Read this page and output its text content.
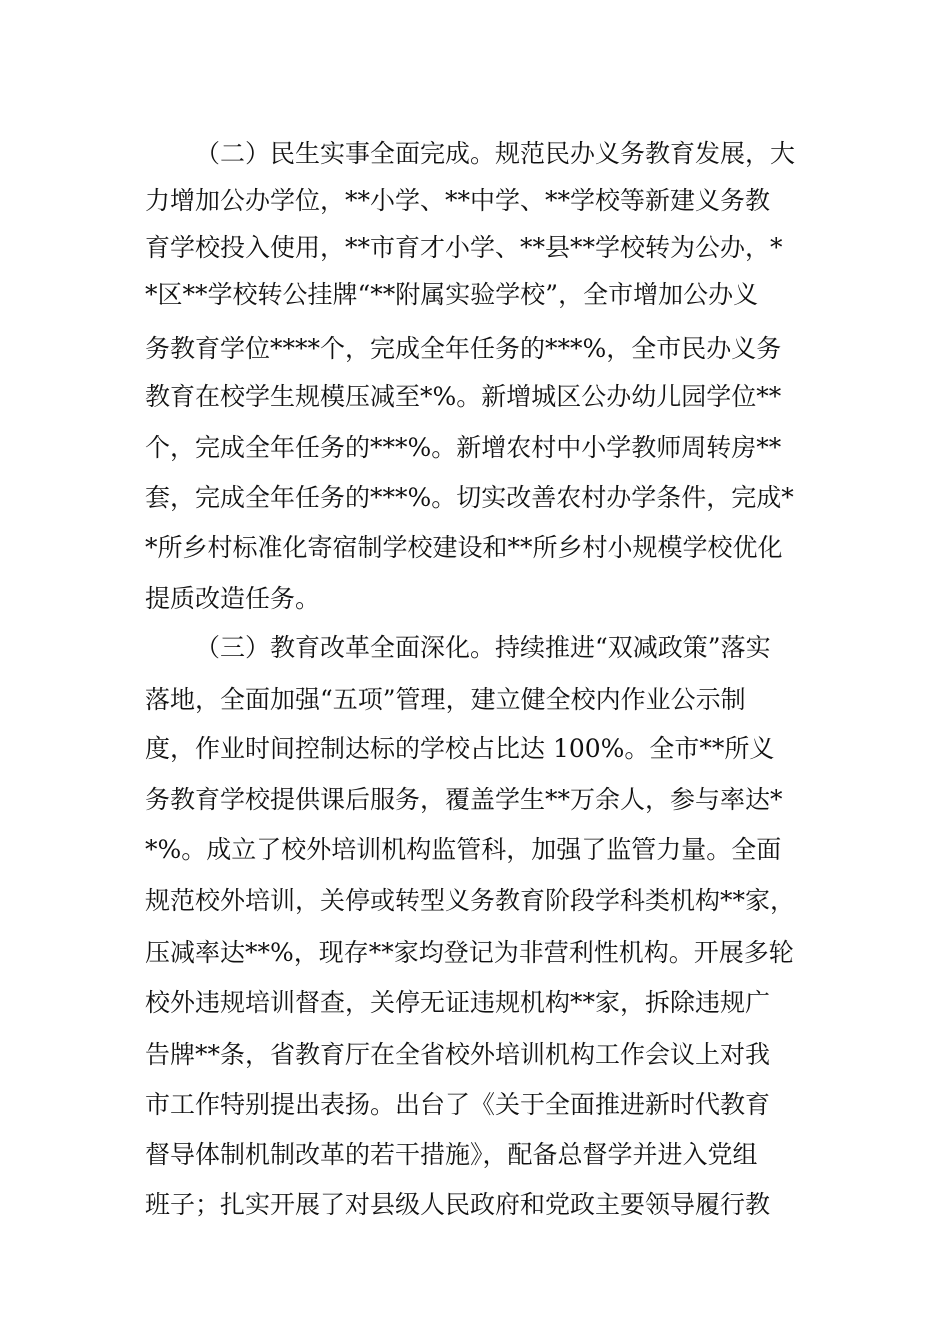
（二）民生实事全面完成。规范民办义务教育发展，大
力增加公办学位，**小学、**中学、**学校等新建义务教
育学校投入使用，**市育才小学、**县**学校转为公办，*
*区**学校转公挂牌“**附属实验学校”，全市增加公办义
务教育学位****个，完成全年任务的***%，全市民办义务
教育在校学生规模压减至*%。新增城区公办幼儿园学位**
个，完成全年任务的***%。新增农村中小学教师周转房**
套，完成全年任务的***%。切实改善农村办学条件，完成*
*所乡村标准化寄宿制学校建设和**所乡村小规模学校优化
提质改造任务。
（三）教育改革全面深化。持续推进“双减政策”落实
落地，全面加强“五项”管理，建立健全校内作业公示制
度，作业时间控制达标的学校占比达 100%。全市**所义
务教育学校提供课后服务，覆盖学生**万余人，参与率达*
*%。成立了校外培训机构监管科，加强了监管力量。全面
规范校外培训，关停或转型义务教育阶段学科类机构**家，
压减率达**%，现存**家均登记为非营利性机构。开展多轮
校外违规培训督查，关停无证违规机构**家，拆除违规广
告牌**条，省教育厅在全省校外培训机构工作会议上对我
市工作特别提出表扬。出台了《关于全面推进新时代教育
督导体制机制改革的若干措施》，配备总督学并进入党组
班子；扎实开展了对县级人民政府和党政主要领导履行教
